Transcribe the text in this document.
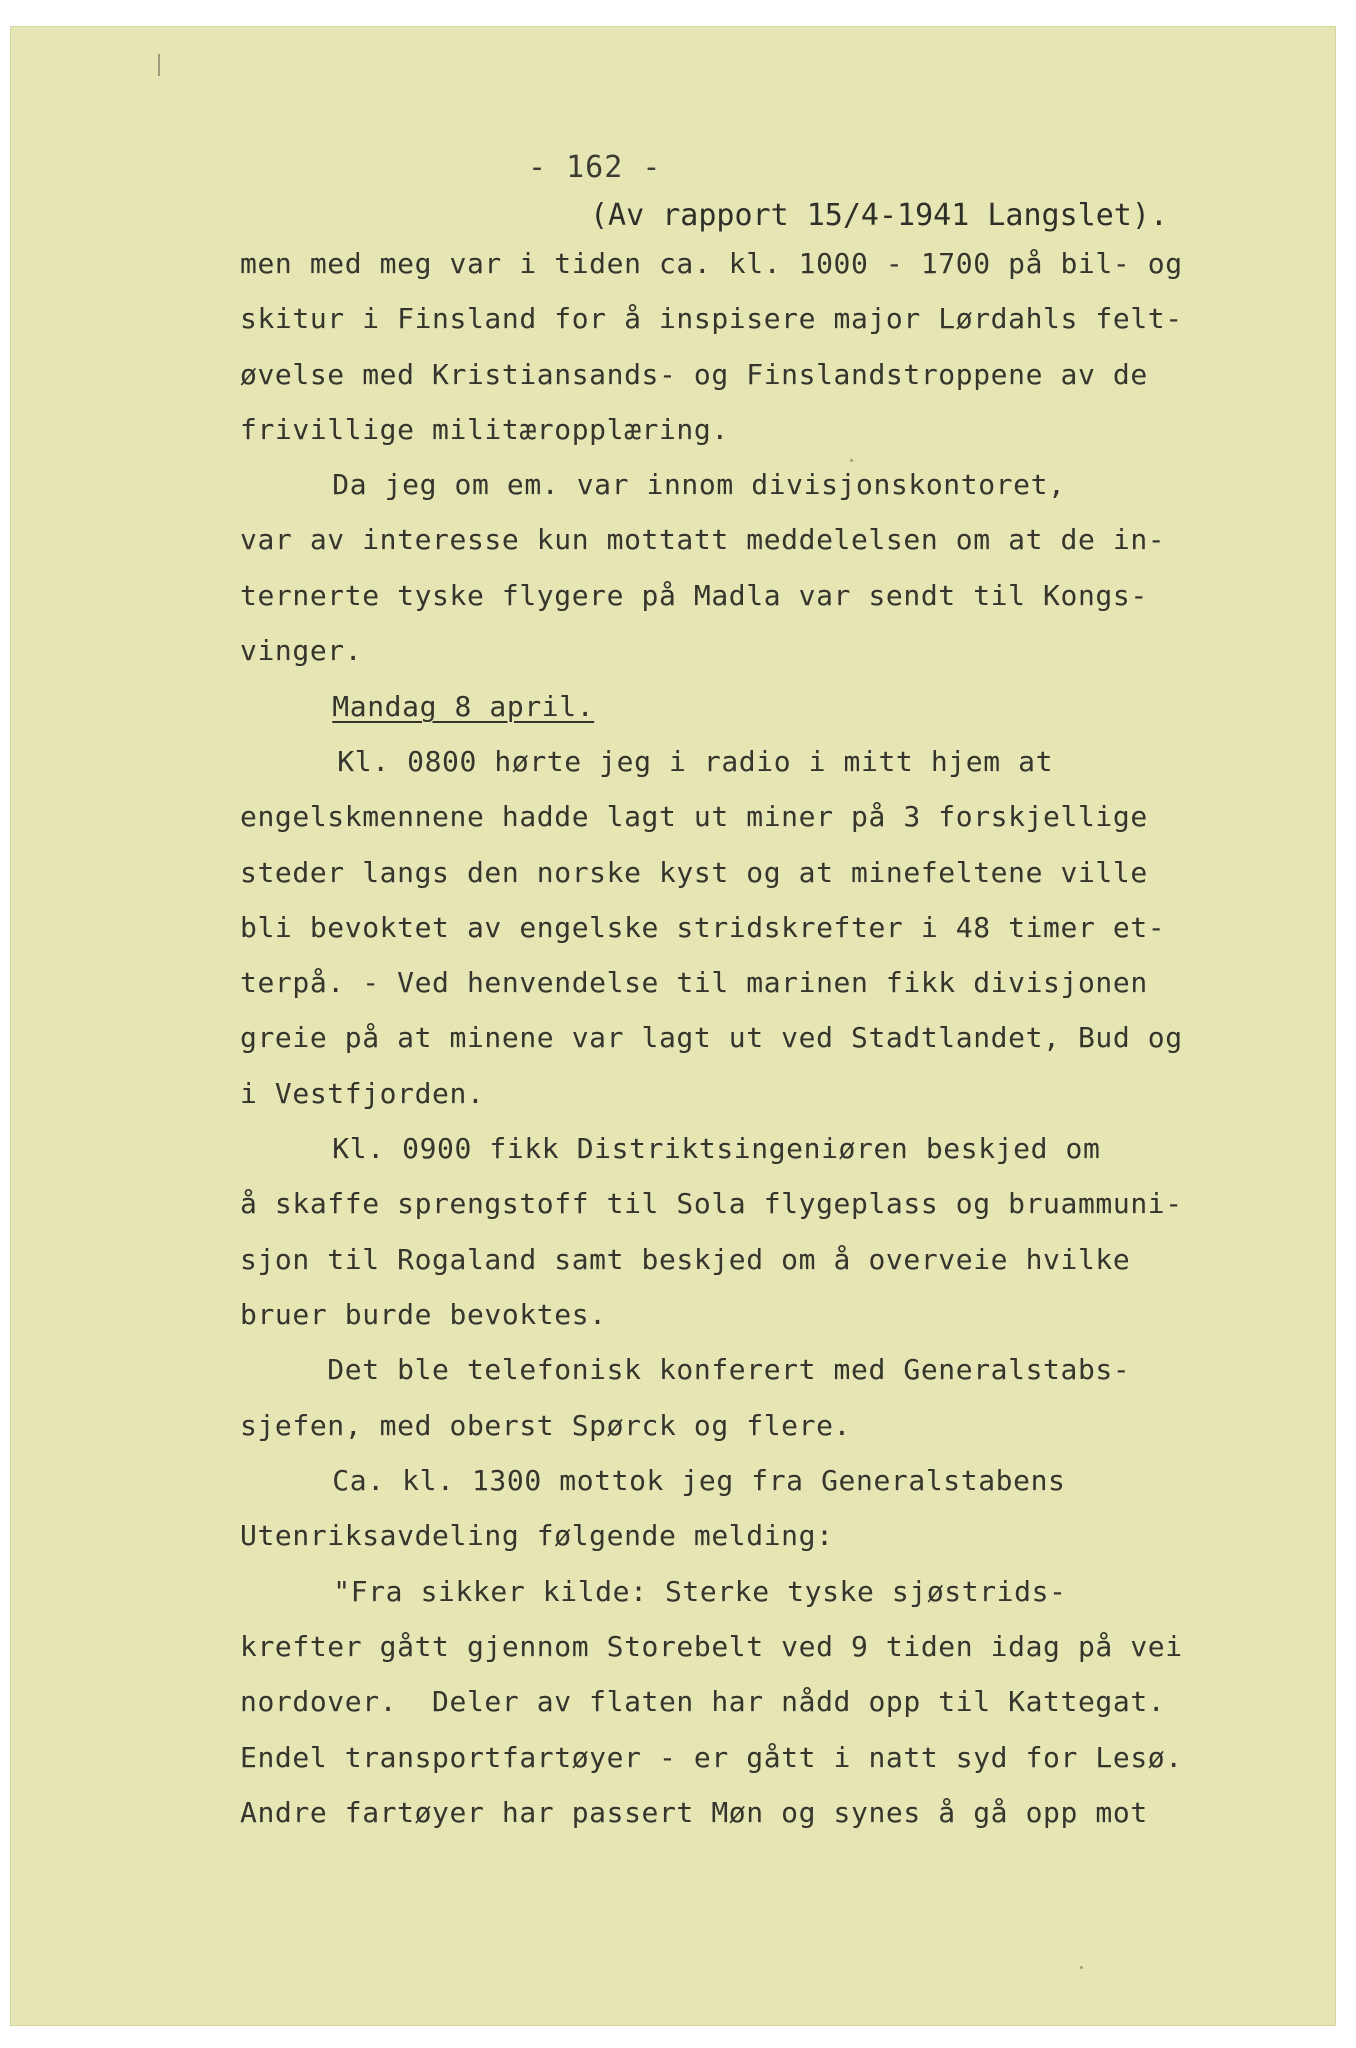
- 162 -
(Av rapport 15/4-1941 Langslet).
men med meg var i tiden ca. kl. 1000 - 1700 på bil- og
skitur i Finsland for å inspisere major Lørdahls felt-
øvelse med Kristiansands- og Finslandstroppene av de
frivillige militæropplæring.
Da jeg om em. var innom divisjonskontoret,
var av interesse kun mottatt meddelelsen om at de in-
ternerte tyske flygere på Madla var sendt til Kongs-
vinger.
Mandag 8 april.
Kl. 0800 hørte jeg i radio i mitt hjem at
engelskmennene hadde lagt ut miner på 3 forskjellige
steder langs den norske kyst og at minefeltene ville
bli bevoktet av engelske stridskrefter i 48 timer et-
terpå. - Ved henvendelse til marinen fikk divisjonen
greie på at minene var lagt ut ved Stadtlandet, Bud og
i Vestfjorden.
Kl. 0900 fikk Distriktsingeniøren beskjed om
å skaffe sprengstoff til Sola flygeplass og bruammuni-
sjon til Rogaland samt beskjed om å overveie hvilke
bruer burde bevoktes.
Det ble telefonisk konferert med Generalstabs-
sjefen, med oberst Spørck og flere.
Ca. kl. 1300 mottok jeg fra Generalstabens
Utenriksavdeling følgende melding:
"Fra sikker kilde: Sterke tyske sjøstrids-
krefter gått gjennom Storebelt ved 9 tiden idag på vei
nordover.  Deler av flaten har nådd opp til Kattegat.
Endel transportfartøyer - er gått i natt syd for Lesø.
Andre fartøyer har passert Møn og synes å gå opp mot
